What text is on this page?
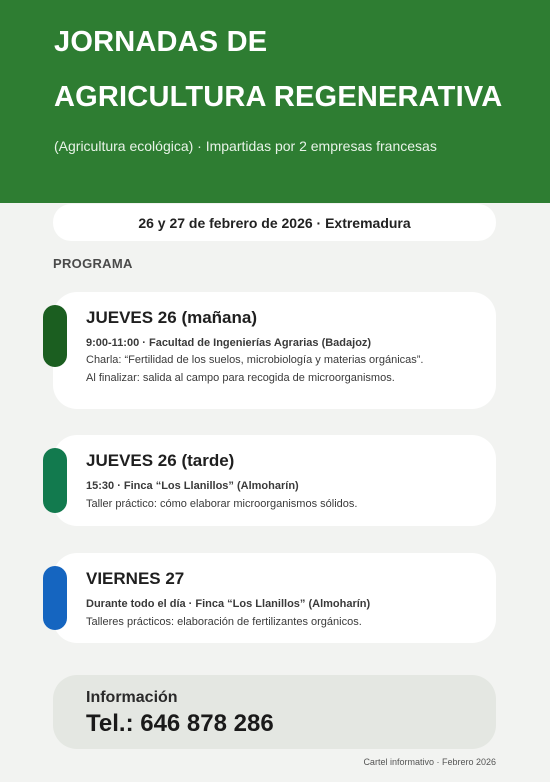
JORNADAS DE
AGRICULTURA REGENERATIVA
(Agricultura ecológica) · Impartidas por 2 empresas francesas
26 y 27 de febrero de 2026 · Extremadura
PROGRAMA
JUEVES 26 (mañana)
9:00-11:00 · Facultad de Ingenierías Agrarias (Badajoz)
Charla: “Fertilidad de los suelos, microbiología y materias orgánicas”.
Al finalizar: salida al campo para recogida de microorganismos.
JUEVES 26 (tarde)
15:30 · Finca “Los Llanillos” (Almoharín)
Taller práctico: cómo elaborar microorganismos sólidos.
VIERNES 27
Durante todo el día · Finca “Los Llanillos” (Almoharín)
Talleres prácticos: elaboración de fertilizantes orgánicos.
Información
Tel.: 646 878 286
Cartel informativo · Febrero 2026
